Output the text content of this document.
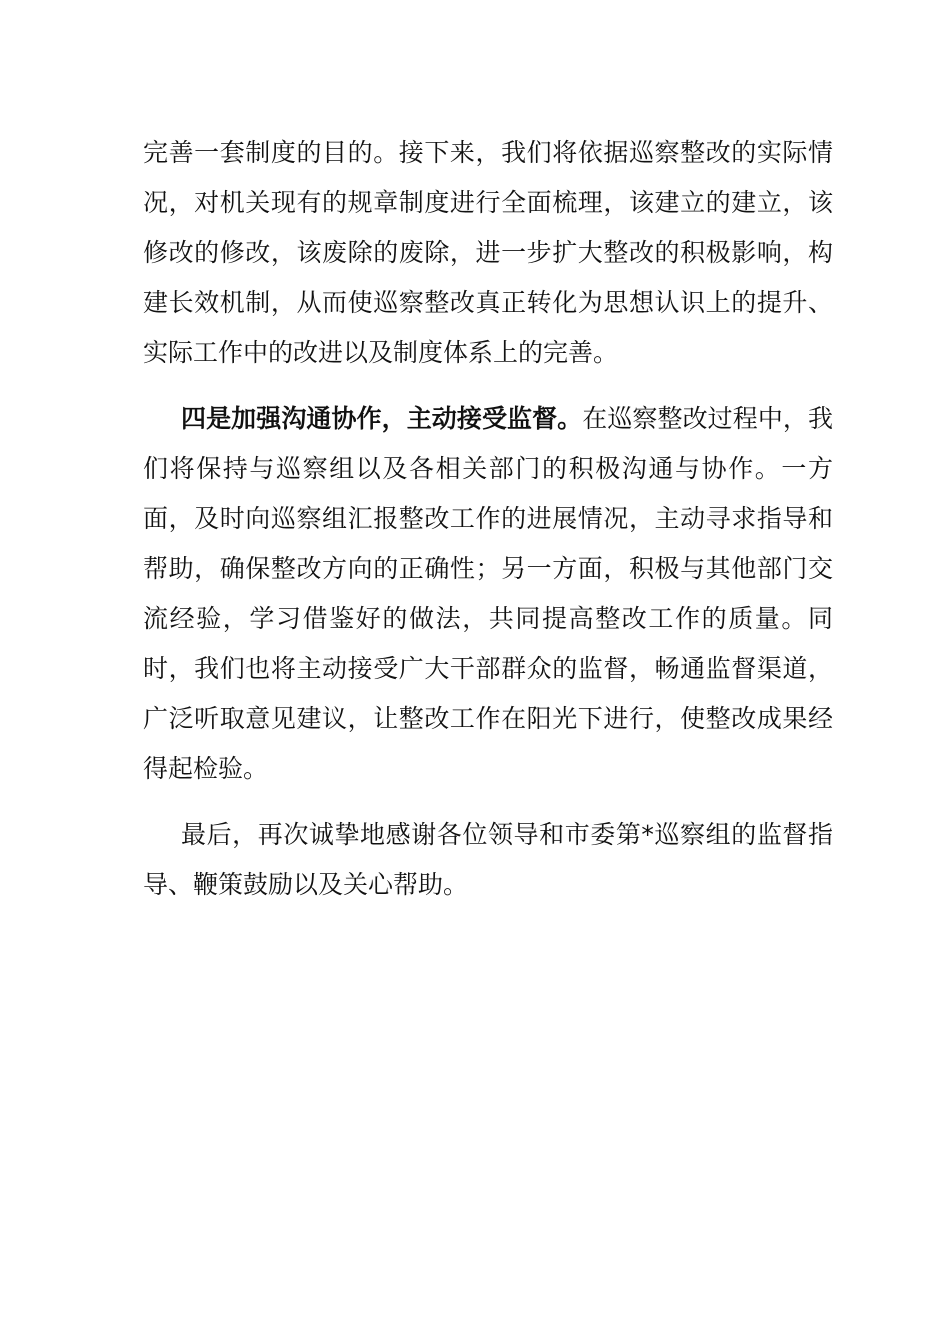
完善一套制度的目的。接下来，我们将依据巡察整改的实际情况，对机关现有的规章制度进行全面梳理，该建立的建立，该修改的修改，该废除的废除，进一步扩大整改的积极影响，构建长效机制，从而使巡察整改真正转化为思想认识上的提升、实际工作中的改进以及制度体系上的完善。

四是加强沟通协作，主动接受监督。在巡察整改过程中，我们将保持与巡察组以及各相关部门的积极沟通与协作。一方面，及时向巡察组汇报整改工作的进展情况，主动寻求指导和帮助，确保整改方向的正确性；另一方面，积极与其他部门交流经验，学习借鉴好的做法，共同提高整改工作的质量。同时，我们也将主动接受广大干部群众的监督，畅通监督渠道，广泛听取意见建议，让整改工作在阳光下进行，使整改成果经得起检验。

最后，再次诚挚地感谢各位领导和市委第*巡察组的监督指导、鞭策鼓励以及关心帮助。
